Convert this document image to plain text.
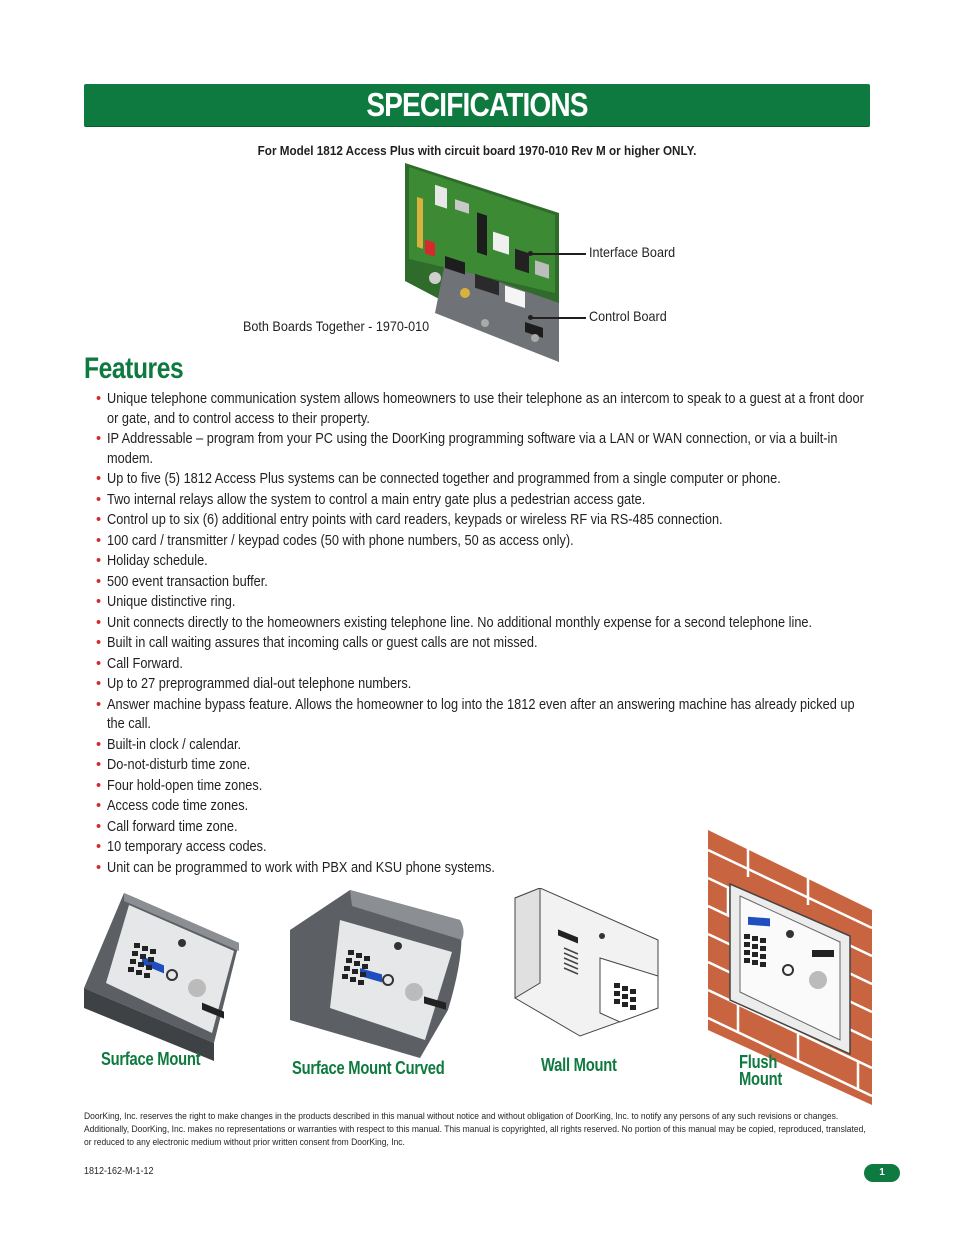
SPECIFICATIONS
For Model 1812 Access Plus with circuit board 1970-010 Rev M or higher ONLY.
Interface Board
Control Board
Both Boards Together - 1970-010
Features
• Unique telephone communication system allows homeowners to use their telephone as an intercom to speak to a guest at a front door or gate, and to control access to their property.
• IP Addressable – program from your PC using the DoorKing programming software via a LAN or WAN connection, or via a built-in modem.
• Up to five (5) 1812 Access Plus systems can be connected together and programmed from a single computer or phone.
• Two internal relays allow the system to control a main entry gate plus a pedestrian access gate.
• Control up to six (6) additional entry points with card readers, keypads or wireless RF via RS-485 connection.
• 100 card / transmitter / keypad codes (50 with phone numbers, 50 as access only).
• Holiday schedule.
• 500 event transaction buffer.
• Unique distinctive ring.
• Unit connects directly to the homeowners existing telephone line. No additional monthly expense for a second telephone line.
• Built in call waiting assures that incoming calls or guest calls are not missed.
• Call Forward.
• Up to 27 preprogrammed dial-out telephone numbers.
• Answer machine bypass feature. Allows the homeowner to log into the 1812 even after an answering machine has already picked up the call.
• Built-in clock / calendar.
• Do-not-disturb time zone.
• Four hold-open time zones.
• Access code time zones.
• Call forward time zone.
• 10 temporary access codes.
• Unit can be programmed to work with PBX and KSU phone systems.
Surface Mount	Surface Mount Curved	Wall Mount	Flush
Mount
DoorKing, Inc. reserves the right to make changes in the products described in this manual without notice and without obligation of DoorKing, Inc. to notify any persons of any such revisions or changes. Additionally, DoorKing, Inc. makes no representations or warranties with respect to this manual. This manual is copyrighted, all rights reserved. No portion of this manual may be copied, reproduced, translated, or reduced to any electronic medium without prior written consent from DoorKing, Inc.
1812-162-M-1-12	1
